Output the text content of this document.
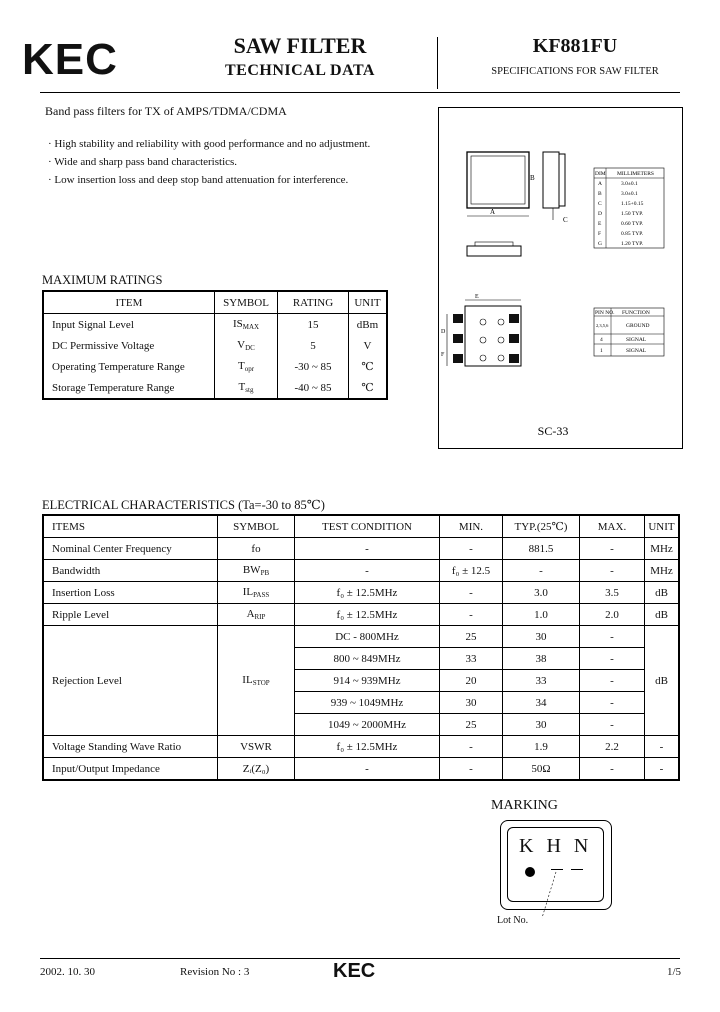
KEC	SAW FILTER
TECHNICAL DATA
KF881FU
SPECIFICATIONS FOR SAW FILTER
Band pass filters for TX of AMPS/TDMA/CDMA
· High stability and reliability with good performance and no adjustment.
· Wide and sharp pass band characteristics.
· Low insertion loss and deep stop band attenuation for interference.
MAXIMUM RATINGS
ITEM	SYMBOL	RATING	UNIT
Input Signal Level	$IS_{MAX}$	15	dBm
DC Permissive Voltage	$V_{DC}$	5	V
Operating Temperature Range	$T_{opr}$	-30 ~ 85	℃
Storage Temperature Range	$T_{stg}$	-40 ~ 85	℃
C
B
A
DIM MILLIMETERS
A	3.0±0.1
B	3.0±0.1
C	1.15+0.15
D	1.50 TYP.
E	0.60 TYP.
F	0.85 TYP.
G	1.20 TYP.
E
D
F
PIN NO. FUNCTION
2,3,5,6	GROUND
4	SIGNAL
1	SIGNAL
SC-33
ELECTRICAL CHARACTERISTICS (Ta=-30 to 85℃)
ITEMS	SYMBOL	TEST CONDITION	MIN.	TYP.(25℃)	MAX.	UNIT
Nominal Center Frequency	fo	-	-	881.5	-	MHz
Bandwidth	$BW_{PB}$	-	f₀ ± 12.5	-	-	MHz
Insertion Loss	$IL_{PASS}$	f₀ ± 12.5MHz	-	3.0	3.5	dB
Ripple Level	$A_{RIP}$	f₀ ± 12.5MHz	-	1.0	2.0	dB
Rejection Level	$IL_{STOP}$	DC - 800MHz	25	30	-	dB
		800 ~ 849MHz	33	38	-	
		914 ~ 939MHz	20	33	-	
		939 ~ 1049MHz	30	34	-	
		1049 ~ 2000MHz	25	30	-	
Voltage Standing Wave Ratio	VSWR	f₀ ± 12.5MHz	-	1.9	2.2	-
Input/Output Impedance	Zᵢ(Z₀)	-	-	50Ω	-	-
MARKING
K H N
Lot No.
2002. 10. 30	Revision No : 3	KEC	1/5
